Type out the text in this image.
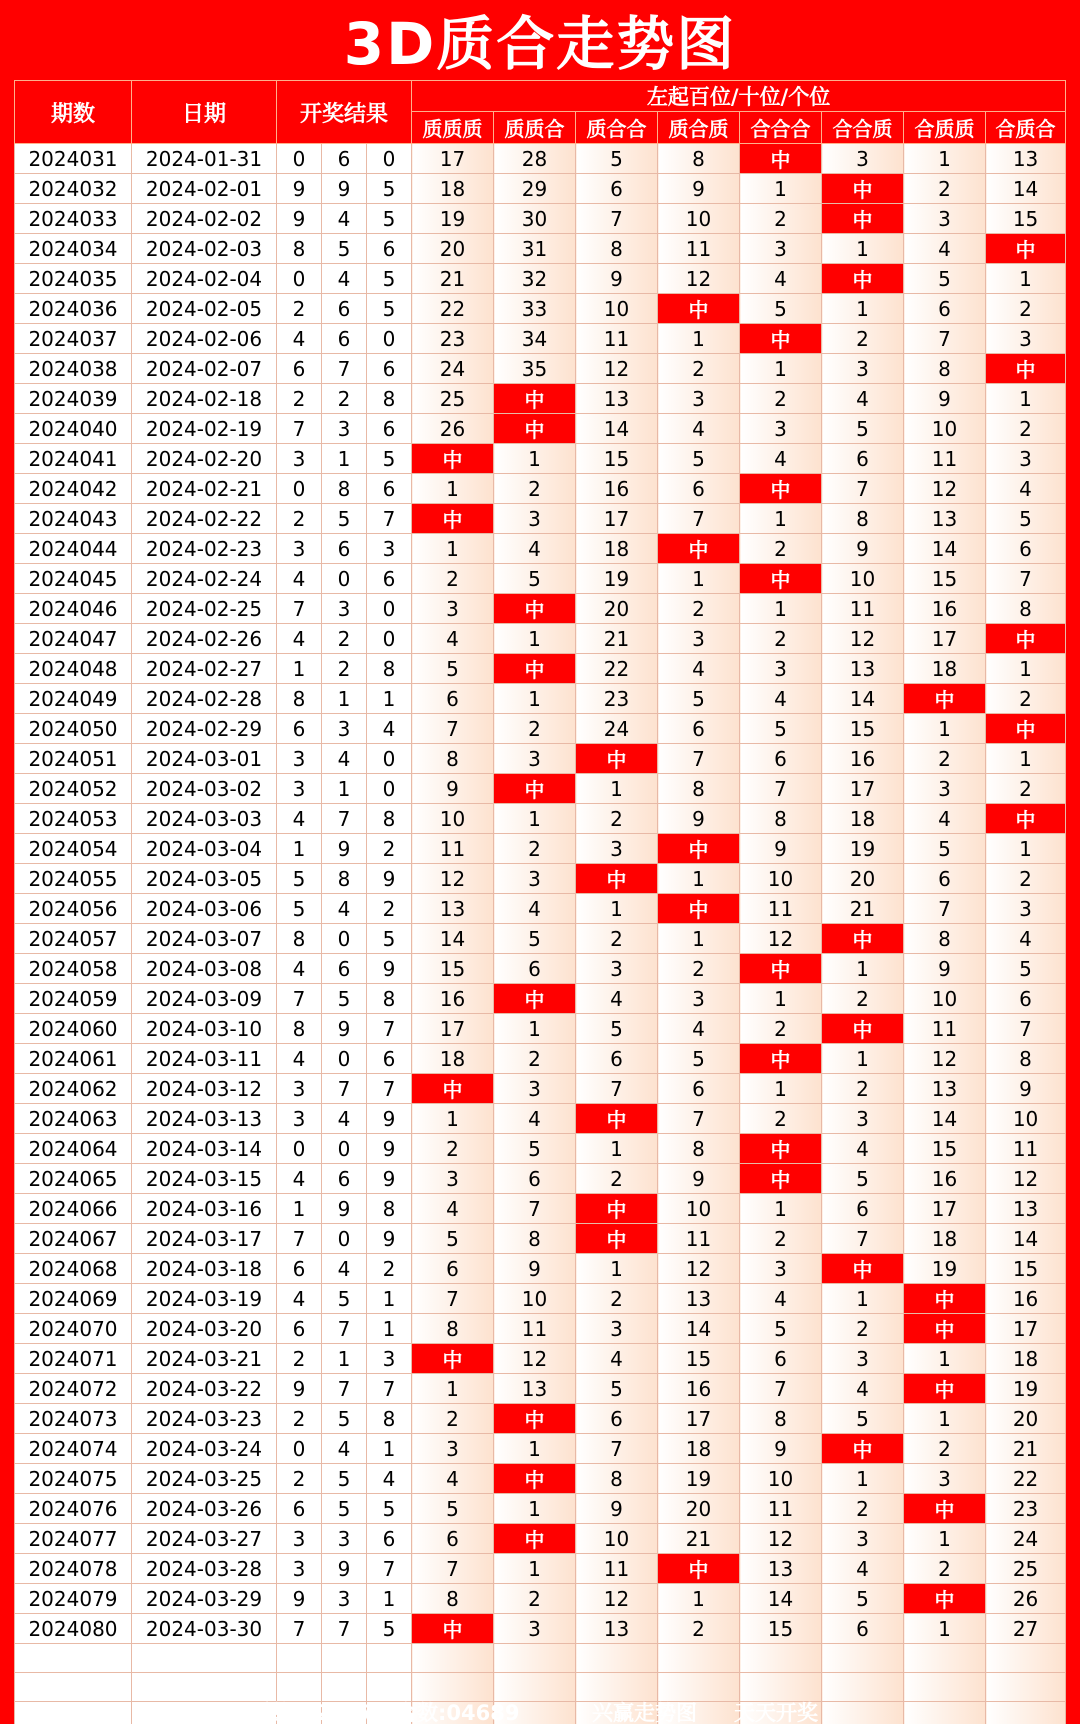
3D质合走势图
期数	日期	开奖结果			左起百位/十位/个位							
					质质质	质质合	质合合	质合质	合合合	合合质	合质质	合质合
2024031	2024-01-31	0	6	0	17	28	5	8	中	3	1	13
2024032	2024-02-01	9	9	5	18	29	6	9	1	中	2	14
2024033	2024-02-02	9	4	5	19	30	7	10	2	中	3	15
2024034	2024-02-03	8	5	6	20	31	8	11	3	1	4	中
2024035	2024-02-04	0	4	5	21	32	9	12	4	中	5	1
2024036	2024-02-05	2	6	5	22	33	10	中	5	1	6	2
2024037	2024-02-06	4	6	0	23	34	11	1	中	2	7	3
2024038	2024-02-07	6	7	6	24	35	12	2	1	3	8	中
2024039	2024-02-18	2	2	8	25	中	13	3	2	4	9	1
2024040	2024-02-19	7	3	6	26	中	14	4	3	5	10	2
2024041	2024-02-20	3	1	5	中	1	15	5	4	6	11	3
2024042	2024-02-21	0	8	6	1	2	16	6	中	7	12	4
2024043	2024-02-22	2	5	7	中	3	17	7	1	8	13	5
2024044	2024-02-23	3	6	3	1	4	18	中	2	9	14	6
2024045	2024-02-24	4	0	6	2	5	19	1	中	10	15	7
2024046	2024-02-25	7	3	0	3	中	20	2	1	11	16	8
2024047	2024-02-26	4	2	0	4	1	21	3	2	12	17	中
2024048	2024-02-27	1	2	8	5	中	22	4	3	13	18	1
2024049	2024-02-28	8	1	1	6	1	23	5	4	14	中	2
2024050	2024-02-29	6	3	4	7	2	24	6	5	15	1	中
2024051	2024-03-01	3	4	0	8	3	中	7	6	16	2	1
2024052	2024-03-02	3	1	0	9	中	1	8	7	17	3	2
2024053	2024-03-03	4	7	8	10	1	2	9	8	18	4	中
2024054	2024-03-04	1	9	2	11	2	3	中	9	19	5	1
2024055	2024-03-05	5	8	9	12	3	中	1	10	20	6	2
2024056	2024-03-06	5	4	2	13	4	1	中	11	21	7	3
2024057	2024-03-07	8	0	5	14	5	2	1	12	中	8	4
2024058	2024-03-08	4	6	9	15	6	3	2	中	1	9	5
2024059	2024-03-09	7	5	8	16	中	4	3	1	2	10	6
2024060	2024-03-10	8	9	7	17	1	5	4	2	中	11	7
2024061	2024-03-11	4	0	6	18	2	6	5	中	1	12	8
2024062	2024-03-12	3	7	7	中	3	7	6	1	2	13	9
2024063	2024-03-13	3	4	9	1	4	中	7	2	3	14	10
2024064	2024-03-14	0	0	9	2	5	1	8	中	4	15	11
2024065	2024-03-15	4	6	9	3	6	2	9	中	5	16	12
2024066	2024-03-16	1	9	8	4	7	中	10	1	6	17	13
2024067	2024-03-17	7	0	9	5	8	中	11	2	7	18	14
2024068	2024-03-18	6	4	2	6	9	1	12	3	中	19	15
2024069	2024-03-19	4	5	1	7	10	2	13	4	1	中	16
2024070	2024-03-20	6	7	1	8	11	3	14	5	2	中	17
2024071	2024-03-21	2	1	3	中	12	4	15	6	3	1	18
2024072	2024-03-22	9	7	7	1	13	5	16	7	4	中	19
2024073	2024-03-23	2	5	8	2	中	6	17	8	5	1	20
2024074	2024-03-24	0	4	1	3	1	7	18	9	中	2	21
2024075	2024-03-25	2	5	4	4	中	8	19	10	1	3	22
2024076	2024-03-26	6	5	5	5	1	9	20	11	2	中	23
2024077	2024-03-27	3	3	6	6	中	10	21	12	3	1	24
2024078	2024-03-28	3	9	7	7	1	11	中	13	4	2	25
2024079	2024-03-29	9	3	1	8	2	12	1	14	5	中	26
2024080	2024-03-30	7	7	5	中	3	13	2	15	6	1	27

质数:12357 合数:04689	兴赢走势图 天天开奖
